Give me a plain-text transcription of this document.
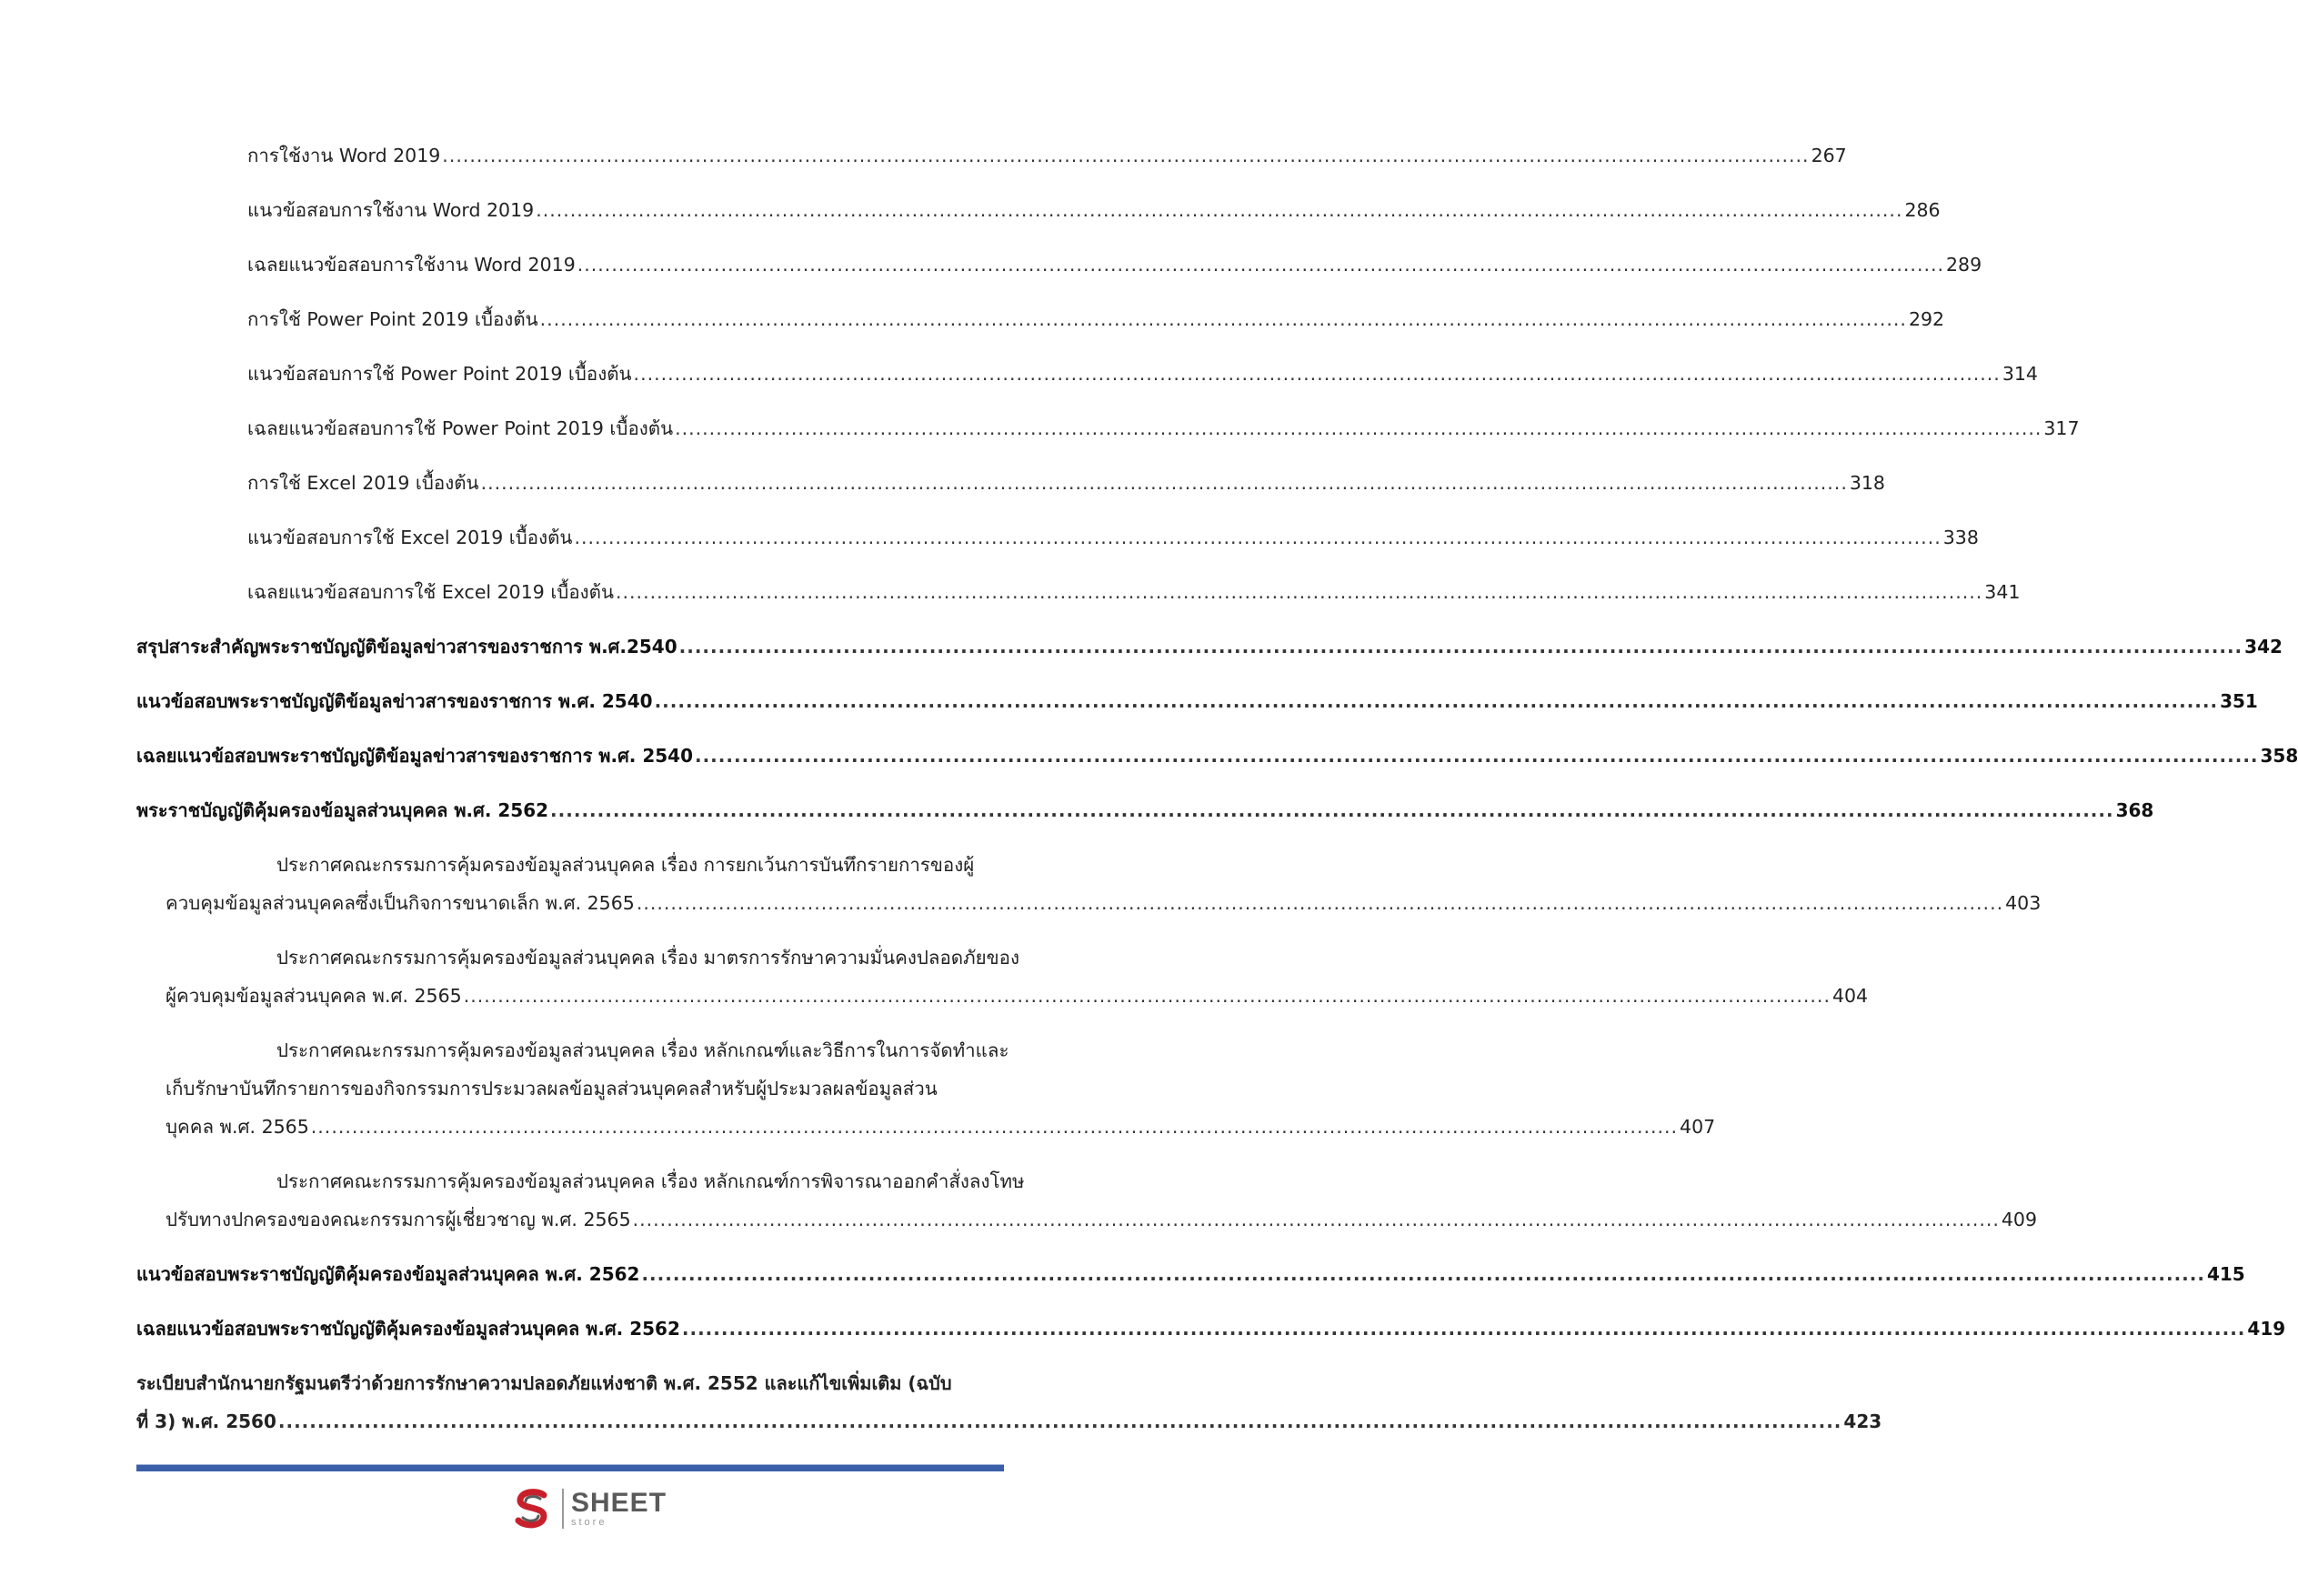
การใช้งาน Word 2019 ........................................................................................................................................................................................................ 267
แนวข้อสอบการใช้งาน Word 2019 ........................................................................................................................................................................................................ 286
เฉลยแนวข้อสอบการใช้งาน Word 2019 ........................................................................................................................................................................................................ 289
การใช้ Power Point 2019 เบื้องต้น ........................................................................................................................................................................................................ 292
แนวข้อสอบการใช้ Power Point 2019 เบื้องต้น ........................................................................................................................................................................................................ 314
เฉลยแนวข้อสอบการใช้ Power Point 2019 เบื้องต้น ........................................................................................................................................................................................................ 317
การใช้ Excel 2019 เบื้องต้น ........................................................................................................................................................................................................ 318
แนวข้อสอบการใช้ Excel 2019 เบื้องต้น ........................................................................................................................................................................................................ 338
เฉลยแนวข้อสอบการใช้ Excel 2019 เบื้องต้น ........................................................................................................................................................................................................ 341
สรุปสาระสำคัญพระราชบัญญัติข้อมูลข่าวสารของราชการ พ.ศ.2540 ........................................................................................................................................................................................................ 342
แนวข้อสอบพระราชบัญญัติข้อมูลข่าวสารของราชการ พ.ศ. 2540 ........................................................................................................................................................................................................ 351
เฉลยแนวข้อสอบพระราชบัญญัติข้อมูลข่าวสารของราชการ พ.ศ. 2540 ........................................................................................................................................................................................................ 358
พระราชบัญญัติคุ้มครองข้อมูลส่วนบุคคล พ.ศ. 2562 ........................................................................................................................................................................................................ 368
ประกาศคณะกรรมการคุ้มครองข้อมูลส่วนบุคคล เรื่อง การยกเว้นการบันทึกรายการของผู้
ควบคุมข้อมูลส่วนบุคคลซึ่งเป็นกิจการขนาดเล็ก พ.ศ. 2565 ........................................................................................................................................................................................................ 403
ประกาศคณะกรรมการคุ้มครองข้อมูลส่วนบุคคล เรื่อง มาตรการรักษาความมั่นคงปลอดภัยของ
ผู้ควบคุมข้อมูลส่วนบุคคล พ.ศ. 2565 ........................................................................................................................................................................................................ 404
ประกาศคณะกรรมการคุ้มครองข้อมูลส่วนบุคคล เรื่อง หลักเกณฑ์และวิธีการในการจัดทำและ
เก็บรักษาบันทึกรายการของกิจกรรมการประมวลผลข้อมูลส่วนบุคคลสำหรับผู้ประมวลผลข้อมูลส่วน
บุคคล พ.ศ. 2565 ........................................................................................................................................................................................................ 407
ประกาศคณะกรรมการคุ้มครองข้อมูลส่วนบุคคล เรื่อง หลักเกณฑ์การพิจารณาออกคำสั่งลงโทษ
ปรับทางปกครองของคณะกรรมการผู้เชี่ยวชาญ พ.ศ. 2565 ........................................................................................................................................................................................................ 409
แนวข้อสอบพระราชบัญญัติคุ้มครองข้อมูลส่วนบุคคล พ.ศ. 2562 ........................................................................................................................................................................................................ 415
เฉลยแนวข้อสอบพระราชบัญญัติคุ้มครองข้อมูลส่วนบุคคล พ.ศ. 2562 ........................................................................................................................................................................................................ 419
ระเบียบสำนักนายกรัฐมนตรีว่าด้วยการรักษาความปลอดภัยแห่งชาติ พ.ศ. 2552 และแก้ไขเพิ่มเติม (ฉบับ
ที่ 3) พ.ศ. 2560 ........................................................................................................................................................................................................ 423
SHEET
store
